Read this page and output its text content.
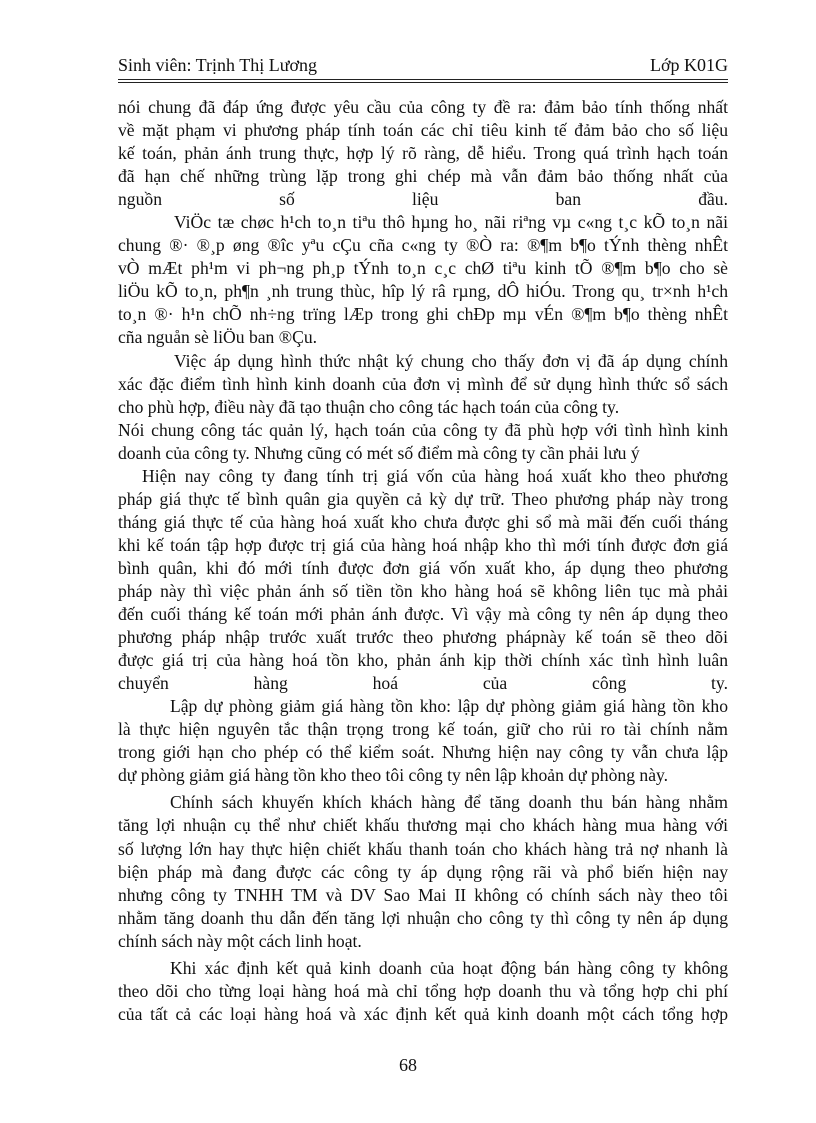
Sinh viên: Trịnh Thị Lương	Lớp K01G

nói chung đã đáp ứng được yêu cầu của công ty đề ra: đảm bảo tính thống nhất

về mặt phạm vi phương pháp tính toán các chỉ tiêu kinh tế đảm bảo cho số liệu

kế toán, phản ánh trung thực, hợp lý rõ ràng, dễ hiểu. Trong quá trình hạch toán

đã hạn chế những trùng lặp trong ghi chép mà vẫn đảm bảo thống nhất của

nguồn số liệu ban đầu.

ViÖc tæ chøc h¹ch to¸n tiªu thô hµng ho¸ nãi riªng vµ c«ng t¸c kÕ to¸n nãi

chung ®· ®¸p øng ®îc yªu cÇu cña c«ng ty ®Ò ra: ®¶m b¶o tÝnh thèng nhÊt

vÒ mÆt ph¹m vi ph¬ng ph¸p tÝnh to¸n c¸c chØ tiªu kinh tÕ ®¶m b¶o cho sè

liÖu kÕ to¸n, ph¶n ¸nh trung thùc, hîp lý râ rµng, dÔ hiÓu. Trong qu¸ tr×nh h¹ch

to¸n ®· h¹n chÕ nh÷ng trïng lÆp trong ghi chÐp mµ vÉn ®¶m b¶o thèng nhÊt

cña nguån sè liÖu ban ®Çu.

Việc áp dụng hình thức nhật ký chung cho thấy đơn vị đã áp dụng chính

xác đặc điểm tình hình kinh doanh của đơn vị mình để sử dụng hình thức sổ sách

cho phù hợp, điều này đã tạo thuận cho công tác hạch toán của công ty.

Nói chung công tác quản lý, hạch toán của công ty đã phù hợp với tình hình kinh

doanh của công ty. Nhưng cũng có mét số điểm mà công ty cần phải lưu ý

Hiện nay công ty đang tính trị giá vốn của hàng hoá xuất kho theo phương

pháp giá thực tế bình quân gia quyền cả kỳ dự trữ. Theo phương pháp này trong

tháng giá thực tế của hàng hoá xuất kho chưa được ghi sổ mà mãi đến cuối tháng

khi kế toán tập hợp được trị giá của hàng hoá nhập kho thì mới tính được đơn giá

bình quân, khi đó mới tính được đơn giá vốn xuất kho, áp dụng theo phương

pháp này thì việc phản ánh số tiền tồn kho hàng hoá sẽ không liên tục mà phải

đến cuối tháng kế toán mới phản ánh được. Vì vậy mà công ty nên áp dụng theo

phương pháp nhập trước xuất trước theo phương phápnày kế toán sẽ theo dõi

được giá trị của hàng hoá tồn kho, phản ánh kịp thời chính xác tình hình luân

chuyển hàng hoá của công ty.

Lập dự phòng giảm giá hàng tồn kho: lập dự phòng giảm giá hàng tồn kho

là thực hiện nguyên tắc thận trọng trong kế toán, giữ cho rủi ro tài chính nằm

trong giới hạn cho phép có thể kiểm soát. Nhưng hiện nay công ty vẫn chưa lập

dự phòng giảm giá hàng tồn kho theo tôi công ty nên lập khoản dự phòng này.

Chính sách khuyến khích khách hàng để tăng doanh thu bán hàng nhằm

tăng lợi nhuận cụ thể như chiết khấu thương mại cho khách hàng mua hàng với

số lượng lớn hay thực hiện chiết khấu thanh toán cho khách hàng trả nợ nhanh là

biện pháp mà đang được các công ty áp dụng rộng rãi và phổ biến hiện nay

nhưng công ty TNHH TM và DV Sao Mai II không có chính sách này theo tôi

nhằm tăng doanh thu dẫn đến tăng lợi nhuận cho công ty thì công ty nên áp dụng

chính sách này một cách linh hoạt.

Khi xác định kết quả kinh doanh của hoạt động bán hàng công ty không

theo dõi cho từng loại hàng hoá mà chỉ tổng hợp doanh thu và tổng hợp chi phí

của tất cả các loại hàng hoá và xác định kết quả kinh doanh một cách tổng hợp

68
